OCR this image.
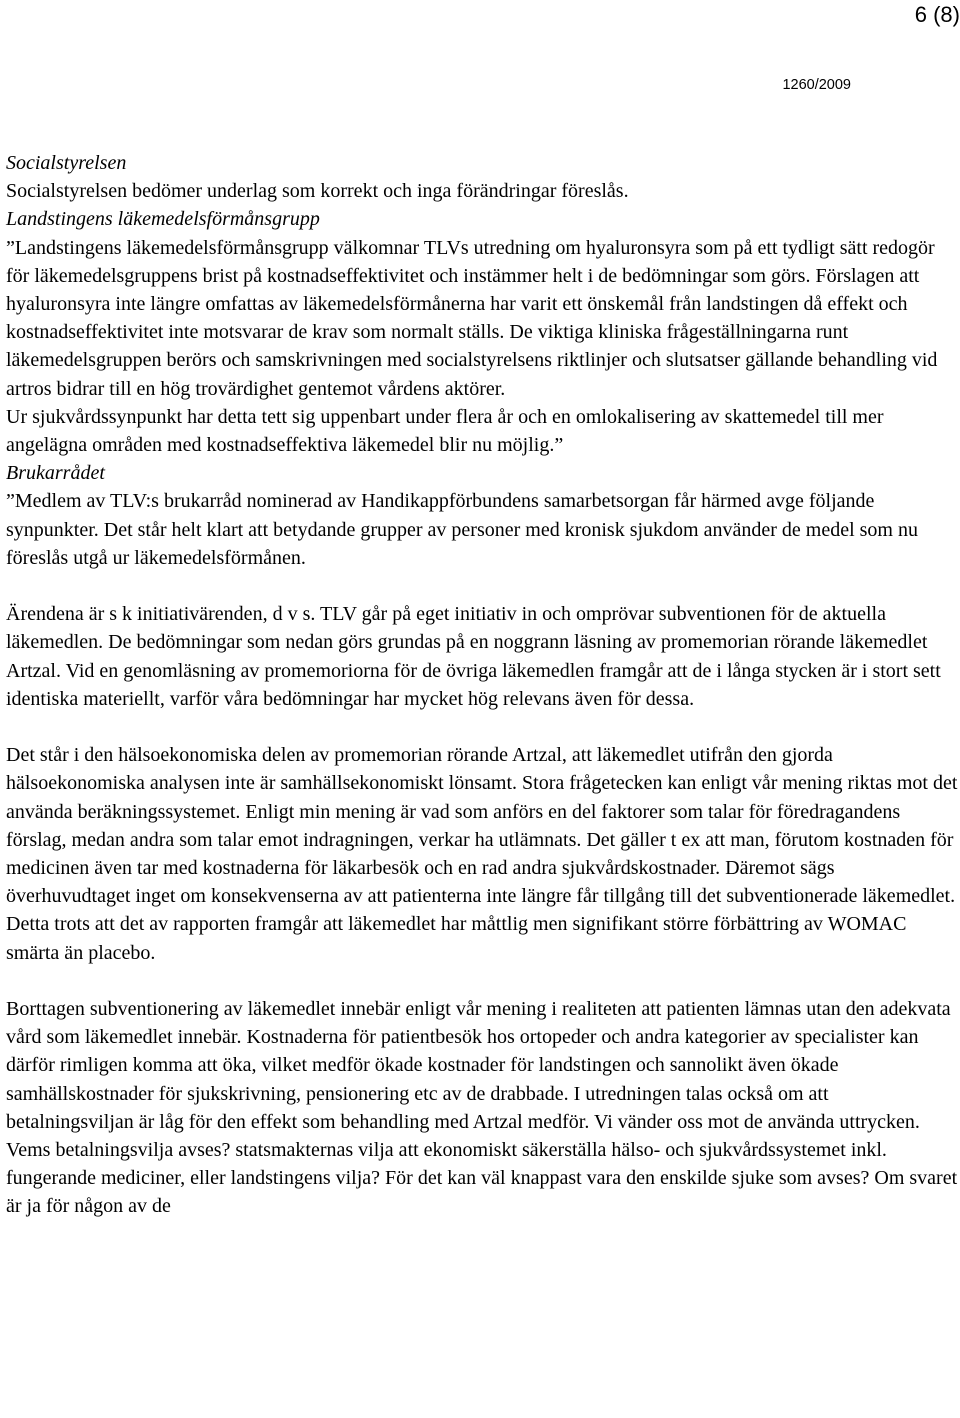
6 (8)
1260/2009

Socialstyrelsen

Socialstyrelsen bedömer underlag som korrekt och inga förändringar föreslås.

Landstingens läkemedelsförmånsgrupp

”Landstingens läkemedelsförmånsgrupp välkomnar TLVs utredning om hyaluronsyra som på ett tydligt sätt redogör för läkemedelsgruppens brist på kostnadseffektivitet och instämmer helt i de bedömningar som görs. Förslagen att hyaluronsyra inte längre omfattas av läkemedelsförmånerna har varit ett önskemål från landstingen då effekt och kostnadseffektivitet inte motsvarar de krav som normalt ställs. De viktiga kliniska frågeställningarna runt läkemedelsgruppen berörs och samskrivningen med socialstyrelsens riktlinjer och slutsatser gällande behandling vid artros bidrar till en hög trovärdighet gentemot vårdens aktörer.

Ur sjukvårdssynpunkt har detta tett sig uppenbart under flera år och en omlokalisering av skattemedel till mer angelägna områden med kostnadseffektiva läkemedel blir nu möjlig.”

Brukarrådet

”Medlem av TLV:s brukarråd nominerad av Handikappförbundens samarbetsorgan får härmed avge följande synpunkter. Det står helt klart att betydande grupper av personer med kronisk sjukdom använder de medel som nu föreslås utgå ur läkemedelsförmånen.

Ärendena är s k initiativärenden, d v s. TLV går på eget initiativ in och omprövar subventionen för de aktuella läkemedlen. De bedömningar som nedan görs grundas på en noggrann läsning av promemorian rörande läkemedlet Artzal. Vid en genomläsning av promemoriorna för de övriga läkemedlen framgår att de i långa stycken är i stort sett identiska materiellt, varför våra bedömningar har mycket hög relevans även för dessa.

Det står i den hälsoekonomiska delen av promemorian rörande Artzal, att läkemedlet utifrån den gjorda hälsoekonomiska analysen inte är samhällsekonomiskt lönsamt. Stora frågetecken kan enligt vår mening riktas mot det använda beräkningssystemet. Enligt min mening är vad som anförs en del faktorer som talar för föredragandens förslag, medan andra som talar emot indragningen, verkar ha utlämnats. Det gäller t ex att man, förutom kostnaden för medicinen även tar med kostnaderna för läkarbesök och en rad andra sjukvårdskostnader. Däremot sägs överhuvudtaget inget om konsekvenserna av att patienterna inte längre får tillgång till det subventionerade läkemedlet. Detta trots att det av rapporten framgår att läkemedlet har måttlig men signifikant större förbättring av WOMAC smärta än placebo.

Borttagen subventionering av läkemedlet innebär enligt vår mening i realiteten att patienten lämnas utan den adekvata vård som läkemedlet innebär. Kostnaderna för patientbesök hos ortopeder och andra kategorier av specialister kan därför rimligen komma att öka, vilket medför ökade kostnader för landstingen och sannolikt även ökade samhällskostnader för sjukskrivning, pensionering etc av de drabbade. I utredningen talas också om att betalningsviljan är låg för den effekt som behandling med Artzal medför. Vi vänder oss mot de använda uttrycken. Vems betalningsvilja avses? statsmakternas vilja att ekonomiskt säkerställa hälso- och sjukvårdssystemet inkl. fungerande mediciner, eller landstingens vilja? För det kan väl knappast vara den enskilde sjuke som avses? Om svaret är ja för någon av de
